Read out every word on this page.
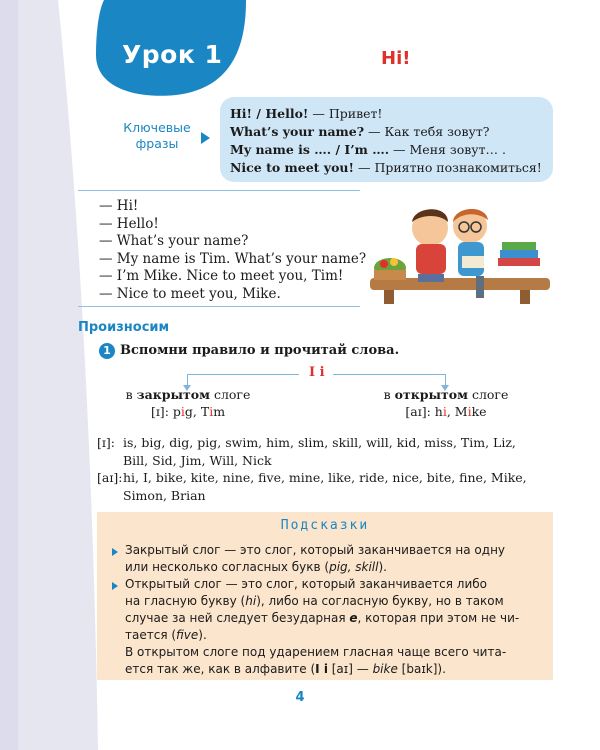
Урок 1	Hi!
Ключевые
фразы
Hi! / Hello! — Привет!
What’s your name? — Как тебя зовут?
My name is …. / I’m …. — Меня зовут… .
Nice to meet you! — Приятно познакомиться!
— Hi!
— Hello!
— What’s your name?
— My name is Tim. What’s your name?
— I’m Mike. Nice to meet you, Tim!
— Nice to meet you, Mike.
Произносим
1 Вспомни правило и прочитай слова.
I i
в закрытом слоге
[ɪ]: pig, Tim
в открытом слоге
[aɪ]: hi, Mike
[ɪ]: is, big, dig, pig, swim, him, slim, skill, will, kid, miss, Tim, Liz,
Bill, Sid, Jim, Will, Nick
[aɪ]: hi, I, bike, kite, nine, five, mine, like, ride, nice, bite, fine, Mike,
Simon, Brian
Подсказки
Закрытый слог — это слог, который заканчивается на одну
или несколько согласных букв (pig, skill).
Открытый слог — это слог, который заканчивается либо
на гласную букву (hi), либо на согласную букву, но в таком
случае за ней следует безударная e, которая при этом не чи-
тается (five).
В открытом слоге под ударением гласная чаще всего чита-
ется так же, как в алфавите (I i [aɪ] — bike [baɪk]).
4
